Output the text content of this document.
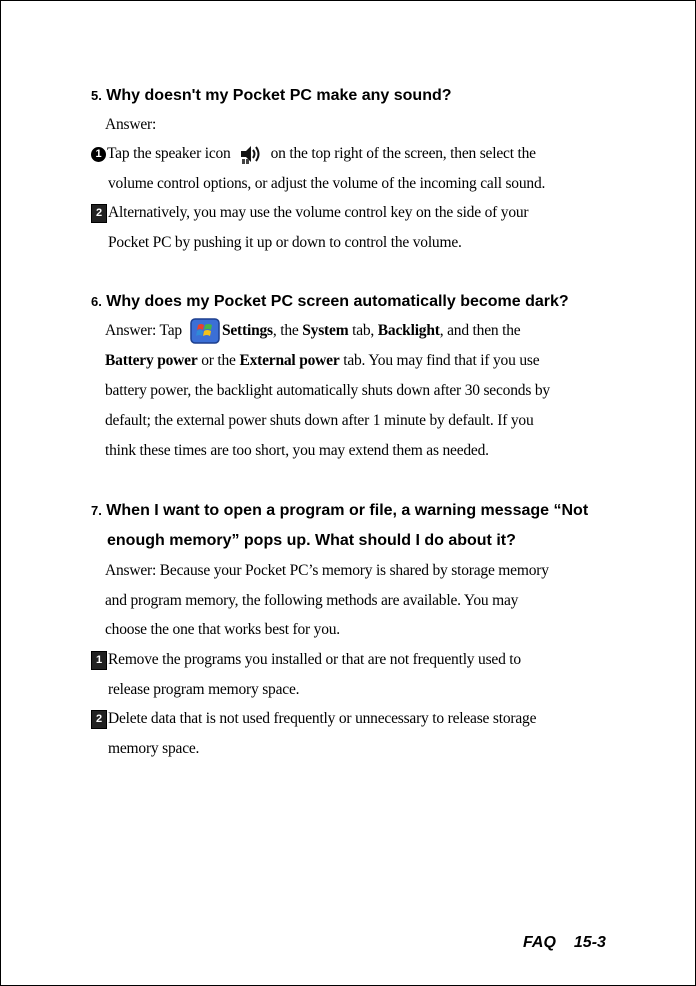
5. Why doesn't my Pocket PC make any sound?
Answer:
1 Tap the speaker icon	on the top right of the screen, then select the
volume control options, or adjust the volume of the incoming call sound.
2 Alternatively, you may use the volume control key on the side of your
Pocket PC by pushing it up or down to control the volume.
6. Why does my Pocket PC screen automatically become dark?
Answer: Tap	Settings, the System tab, Backlight, and then the
Battery power or the External power tab. You may find that if you use
battery power, the backlight automatically shuts down after 30 seconds by
default; the external power shuts down after 1 minute by default. If you
think these times are too short, you may extend them as needed.
7. When I want to open a program or file, a warning message “Not
enough memory” pops up. What should I do about it?
Answer: Because your Pocket PC’s memory is shared by storage memory
and program memory, the following methods are available. You may
choose the one that works best for you.
1 Remove the programs you installed or that are not frequently used to
release program memory space.
2 Delete data that is not used frequently or unnecessary to release storage
memory space.
FAQ 15-3
